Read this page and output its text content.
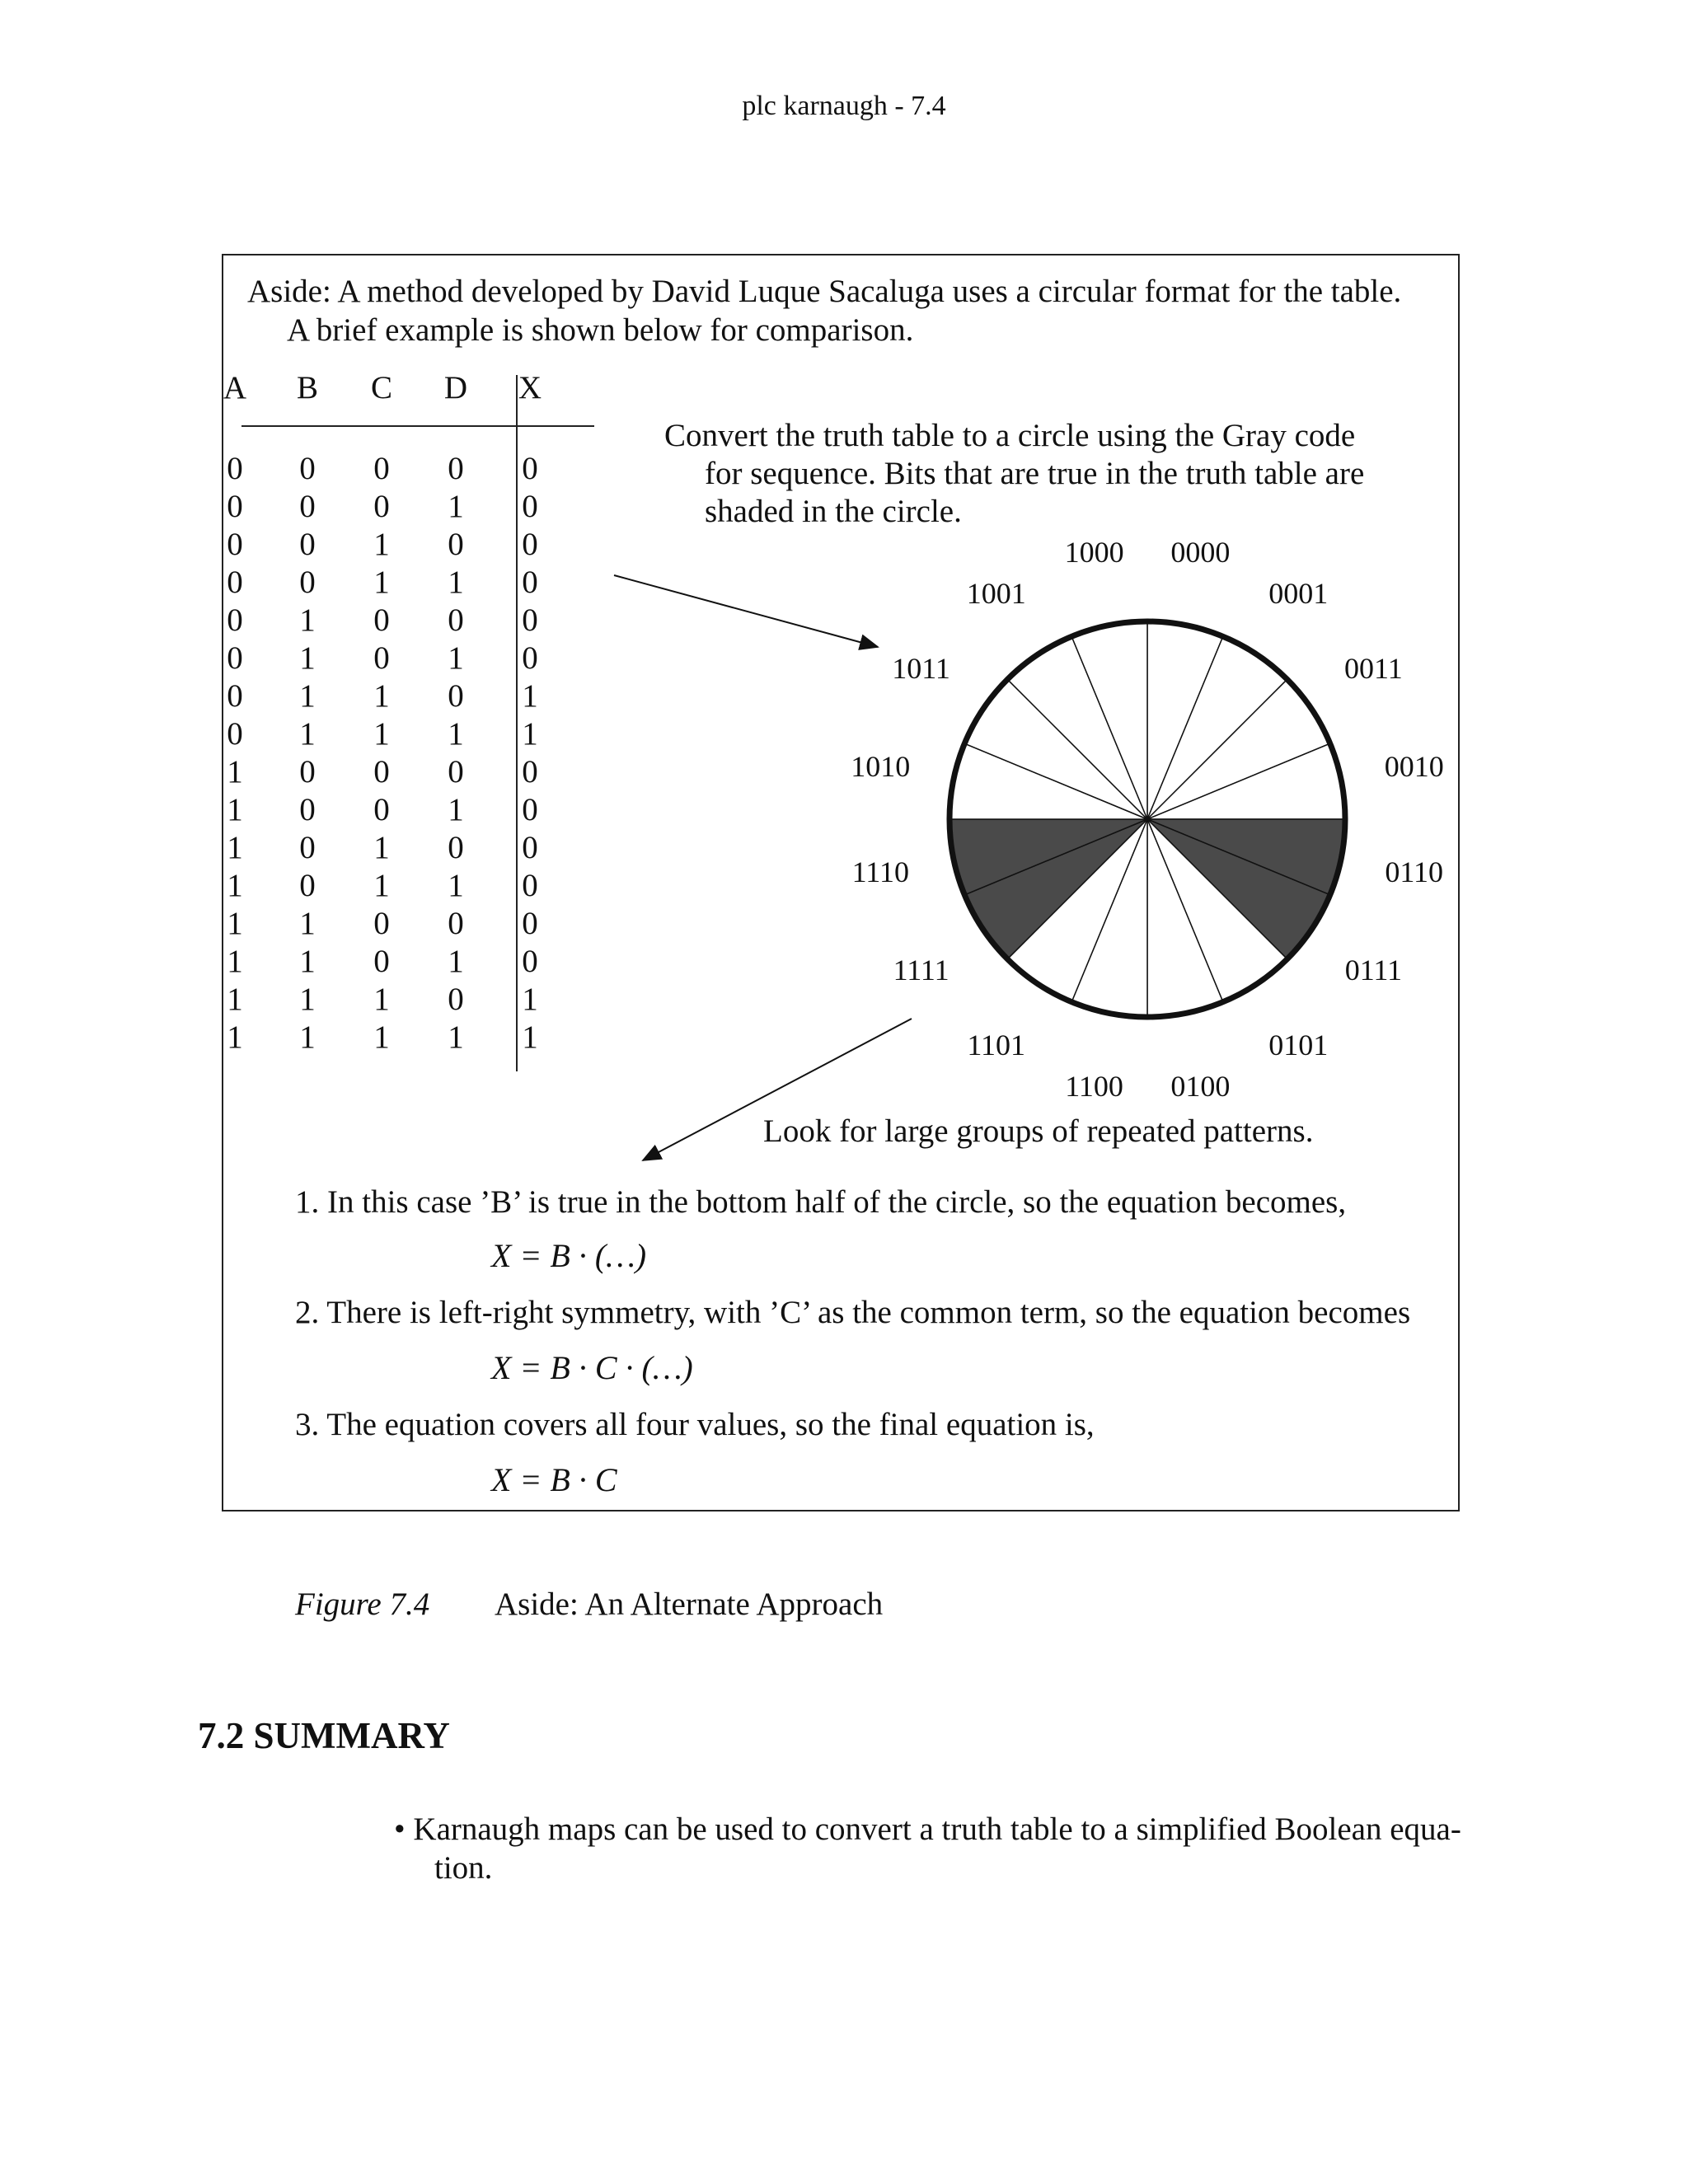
plc karnaugh - 7.4
Aside: A method developed by David Luque Sacaluga uses a circular format for the table.
A brief example is shown below for comparison.
A	B	C	D X
0	0	0	0	0
0	0	0	1	0
0	0	1	0	0
0	0	1	1	0
0	1	0	0	0
0	1	0	1	0
0	1	1	0	1
0	1	1	1	1
1	0	0	0	0
1	0	0	1	0
1	0	1	0	0
1	0	1	1	0
1	1	0	0	0
1	1	0	1	0
1	1	1	0	1
1	1	1	1	1
Convert the truth table to a circle using the Gray code
for sequence. Bits that are true in the truth table are
shaded in the circle.
0000
0001
0011
0010
0110
0111
0101
0100
1100
1101
1111
1110
1010
1011
1001
1000
Look for large groups of repeated patterns.
1. In this case ’B’ is true in the bottom half of the circle, so the equation becomes,
X = B · (…)
2. There is left-right symmetry, with ’C’ as the common term, so the equation becomes
X = B · C · (…)
3. The equation covers all four values, so the final equation is,
X = B · C
Figure 7.4 Aside: An Alternate Approach
7.2 SUMMARY
• Karnaugh maps can be used to convert a truth table to a simplified Boolean equa-
tion.
